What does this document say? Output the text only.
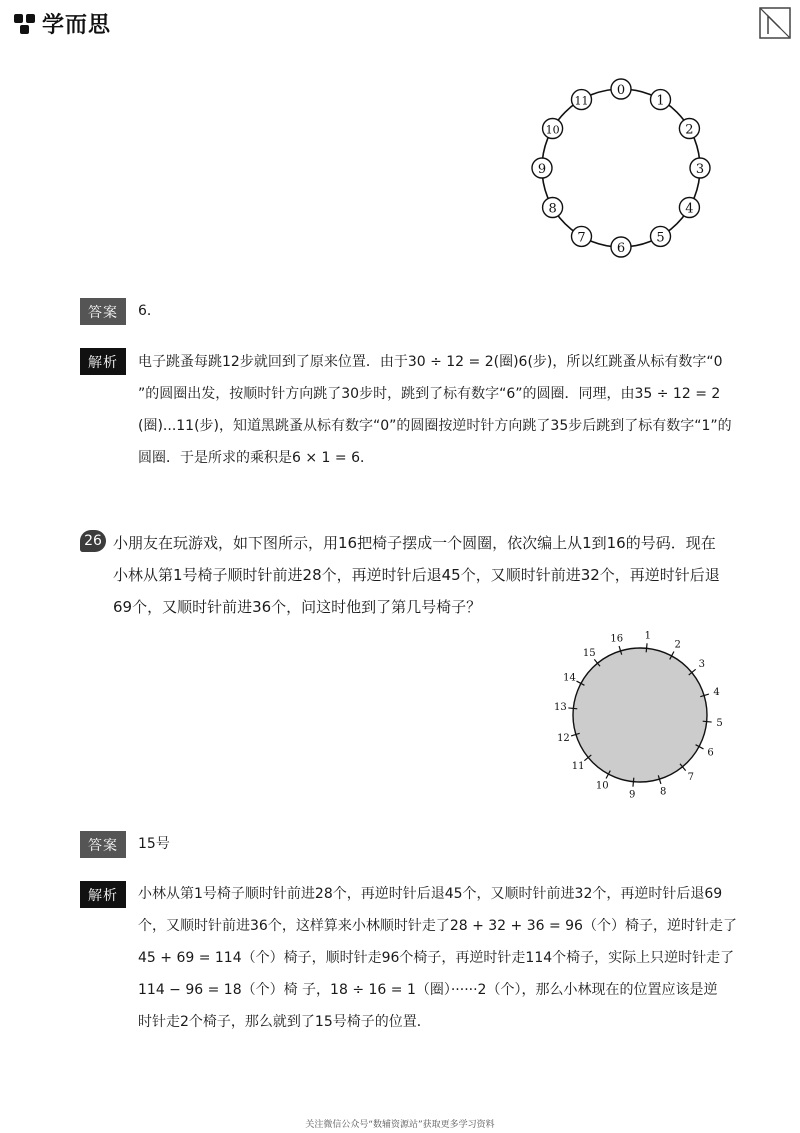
学而思
0
1
2
3
4
5
6
7
8
9
10
11
答案	6．
解析	电子跳蚤每跳12步就回到了原来位置．由于30 ÷ 12 = 2(圈)6(步)，所以红跳蚤从标有数字“0
”的圆圈出发，按顺时针方向跳了30步时，跳到了标有数字“6”的圆圈．同理，由35 ÷ 12 = 2
(圈)...11(步)，知道黑跳蚤从标有数字“0”的圆圈按逆时针方向跳了35步后跳到了标有数字“1”的
圆圈．于是所求的乘积是6 × 1 = 6．
26 小朋友在玩游戏，如下图所示，用16把椅子摆成一个圆圈，依次编上从1到16的号码．现在
小林从第1号椅子顺时针前进28个，再逆时针后退45个，又顺时针前进32个，再逆时针后退
69个，又顺时针前进36个，问这时他到了第几号椅子？
1
2
3
4
5
6
7
8
9
10
11
12
13
14
15
16
答案	15号
解析	小林从第1号椅子顺时针前进28个，再逆时针后退45个，又顺时针前进32个，再逆时针后退69
个，又顺时针前进36个，这样算来小林顺时针走了28 + 32 + 36 = 96（个）椅子，逆时针走了
45 + 69 = 114（个）椅子，顺时针走96个椅子，再逆时针走114个椅子，实际上只逆时针走了
114 − 96 = 18（个）椅 子，18 ÷ 16 = 1（圈）······2（个），那么小林现在的位置应该是逆
时针走2个椅子，那么就到了15号椅子的位置．
关注微信公众号“数辅资源站”获取更多学习资料
